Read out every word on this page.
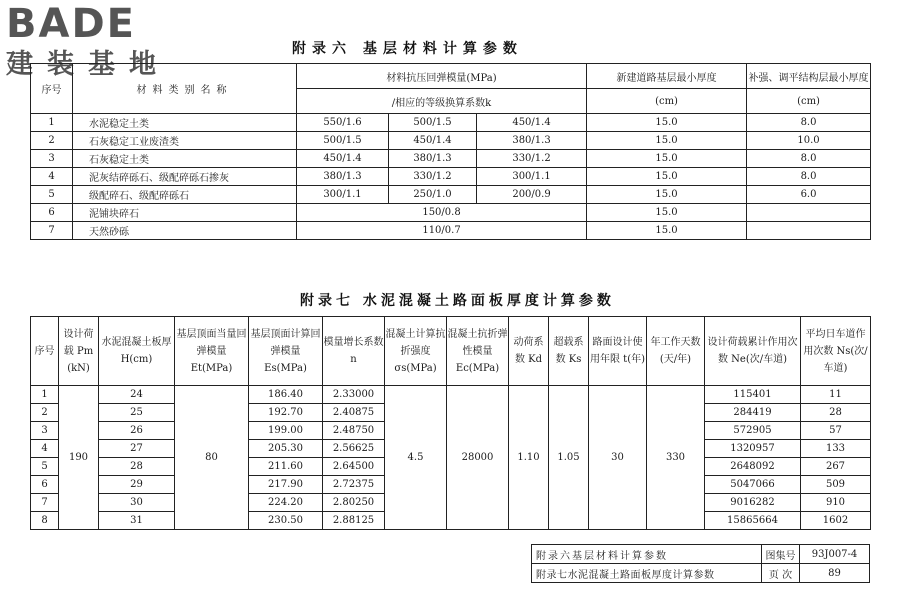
BADE
建装基地	附录六 基层材料计算参数
序号	材料类别名称	材料抗压回弹模量(MPa)			新建道路基层最小厚度	补强、调平结构层最小厚度
		/相应的等级换算系数k			(cm)	(cm)
1	水泥稳定土类	550/1.6	500/1.5	450/1.4	15.0	8.0
2	石灰稳定工业废渣类	500/1.5	450/1.4	380/1.3	15.0	10.0
3	石灰稳定土类	450/1.4	380/1.3	330/1.2	15.0	8.0
4	泥灰结碎砾石、级配碎砾石掺灰	380/1.3	330/1.2	300/1.1	15.0	8.0
5	级配碎石、级配碎砾石	300/1.1	250/1.0	200/0.9	15.0	6.0
6	泥铺块碎石	150/0.8			15.0	
7	天然砂砾	110/0.7			15.0	
附录七 水泥混凝土路面板厚度计算参数
序号	设计荷载 Pm (kN)	水泥混凝土板厚 H(cm)	基层顶面当量回弹模量 Et(MPa)	基层顶面计算回弹模量 Es(MPa)	模量增长系数 n	混凝土计算抗折强度 σs(MPa)	混凝土抗折弹性模量 Ec(MPa)	动荷系数 Kd	超载系数 Ks	路面设计使用年限 t(年)	年工作天数 (天/年)	设计荷载累计作用次数 Ne(次/车道)	平均日车道作用次数 Ns(次/车道)
1	190	24	80	186.40	2.33000	4.5	28000	1.10	1.05	30	330	115401	11
2		25		192.70	2.40875							284419	28
3		26		199.00	2.48750							572905	57
4		27		205.30	2.56625							1320957	133
5		28		211.60	2.64500							2648092	267
6		29		217.90	2.72375							5047066	509
7		30		224.20	2.80250							9016282	910
8		31		230.50	2.88125							15865664	1602
附录六基层材料计算参数	图集号	93J007-4
附录七水泥混凝土路面板厚度计算参数	页 次	89
